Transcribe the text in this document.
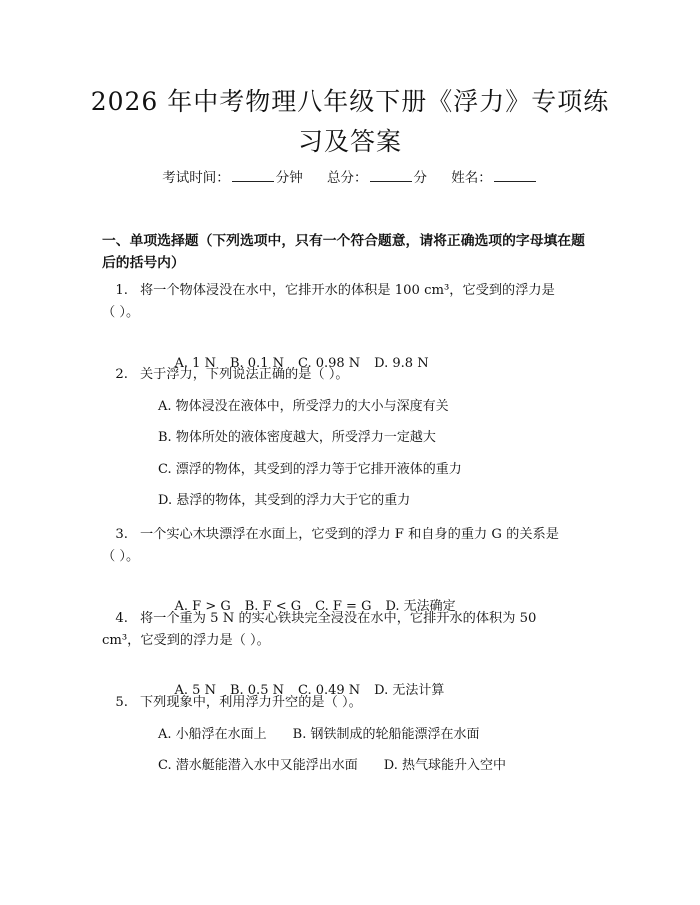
2026 年中考物理八年级下册《浮力》专项练
习及答案
考试时间：	分钟 总分：	分 姓名：
一、单项选择题（下列选项中，只有一个符合题意，请将正确选项的字母填在题
后的括号内）
1. 将一个物体浸没在水中，它排开水的体积是 100 cm³，它受到的浮力是
（ ）。

A. 1 N B. 0.1 N C. 0.98 N D. 9.8 N

2. 关于浮力，下列说法正确的是（ ）。
A. 物体浸没在液体中，所受浮力的大小与深度有关
B. 物体所处的液体密度越大，所受浮力一定越大
C. 漂浮的物体，其受到的浮力等于它排开液体的重力
D. 悬浮的物体，其受到的浮力大于它的重力
3. 一个实心木块漂浮在水面上，它受到的浮力 F 和自身的重力 G 的关系是
（ ）。

A. F > G B. F < G C. F = G D. 无法确定

4. 将一个重为 5 N 的实心铁块完全浸没在水中，它排开水的体积为 50
cm³，它受到的浮力是（ ）。

A. 5 N B. 0.5 N C. 0.49 N D. 无法计算

5. 下列现象中，利用浮力升空的是（ ）。
A. 小船浮在水面上 B. 钢铁制成的轮船能漂浮在水面
C. 潜水艇能潜入水中又能浮出水面 D. 热气球能升入空中
